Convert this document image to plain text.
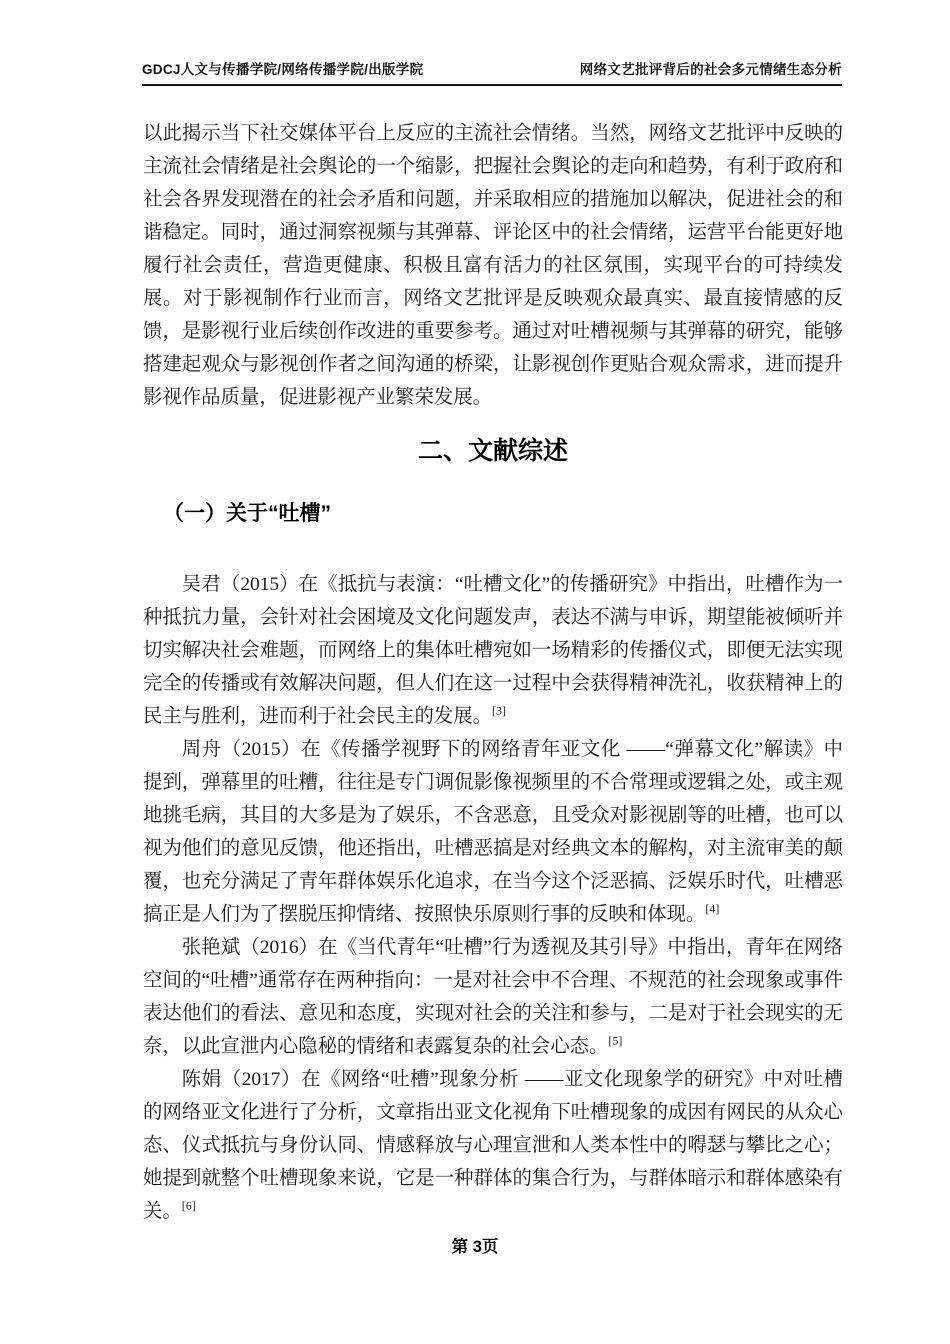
GDCJ人文与传播学院/网络传播学院/出版学院	网络文艺批评背后的社会多元情绪生态分析

以此揭示当下社交媒体平台上反应的主流社会情绪。当然，网络文艺批评中反映的主流社会情绪是社会舆论的一个缩影，把握社会舆论的走向和趋势，有利于政府和社会各界发现潜在的社会矛盾和问题，并采取相应的措施加以解决，促进社会的和谐稳定。同时，通过洞察视频与其弹幕、评论区中的社会情绪，运营平台能更好地履行社会责任，营造更健康、积极且富有活力的社区氛围，实现平台的可持续发展。对于影视制作行业而言，网络文艺批评是反映观众最真实、最直接情感的反馈，是影视行业后续创作改进的重要参考。通过对吐槽视频与其弹幕的研究，能够搭建起观众与影视创作者之间沟通的桥梁，让影视创作更贴合观众需求，进而提升影视作品质量，促进影视产业繁荣发展。

二、文献综述
（一）关于“吐槽”

吴君（2015）在《抵抗与表演：“吐槽文化”的传播研究》中指出，吐槽作为一种抵抗力量，会针对社会困境及文化问题发声，表达不满与申诉，期望能被倾听并切实解决社会难题，而网络上的集体吐槽宛如一场精彩的传播仪式，即便无法实现完全的传播或有效解决问题，但人们在这一过程中会获得精神洗礼，收获精神上的民主与胜利，进而利于社会民主的发展。[3]

周舟（2015）在《传播学视野下的网络青年亚文化 ——“弹幕文化”解读》中提到，弹幕里的吐糟，往往是专门调侃影像视频里的不合常理或逻辑之处，或主观地挑毛病，其目的大多是为了娱乐，不含恶意，且受众对影视剧等的吐槽，也可以视为他们的意见反馈，他还指出，吐槽恶搞是对经典文本的解构，对主流审美的颠覆，也充分满足了青年群体娱乐化追求，在当今这个泛恶搞、泛娱乐时代，吐槽恶搞正是人们为了摆脱压抑情绪、按照快乐原则行事的反映和体现。[4]

张艳斌（2016）在《当代青年“吐槽”行为透视及其引导》中指出，青年在网络空间的“吐槽”通常存在两种指向：一是对社会中不合理、不规范的社会现象或事件表达他们的看法、意见和态度，实现对社会的关注和参与，二是对于社会现实的无奈，以此宣泄内心隐秘的情绪和表露复杂的社会心态。[5]

陈娟（2017）在《网络“吐槽”现象分析 ——亚文化现象学的研究》中对吐槽的网络亚文化进行了分析，文章指出亚文化视角下吐槽现象的成因有网民的从众心态、仪式抵抗与身份认同、情感释放与心理宣泄和人类本性中的嘚瑟与攀比之心；她提到就整个吐槽现象来说，它是一种群体的集合行为，与群体暗示和群体感染有关。[6]

第 3页
